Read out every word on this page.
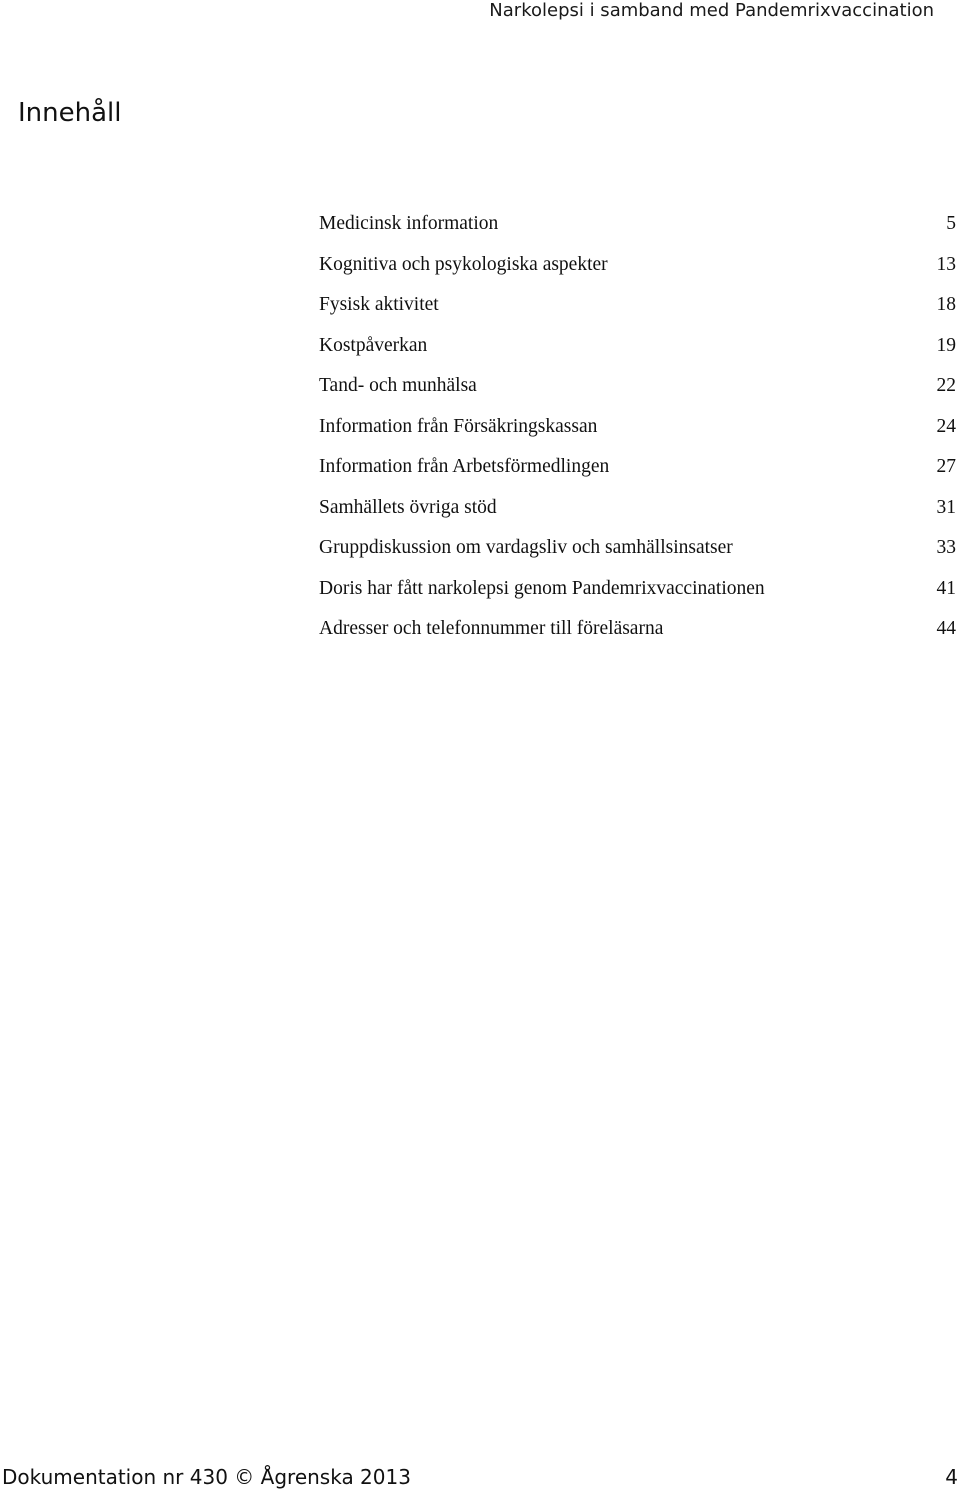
Narkolepsi i samband med Pandemrixvaccination
Innehåll
Medicinsk information	5
Kognitiva och psykologiska aspekter	13
Fysisk aktivitet	18
Kostpåverkan	19
Tand- och munhälsa	22
Information från Försäkringskassan	24
Information från Arbetsförmedlingen	27
Samhällets övriga stöd	31
Gruppdiskussion om vardagsliv och samhällsinsatser	33
Doris har fått narkolepsi genom Pandemrixvaccinationen	41
Adresser och telefonnummer till föreläsarna	44
Dokumentation nr 430 © Ågrenska 2013	4
